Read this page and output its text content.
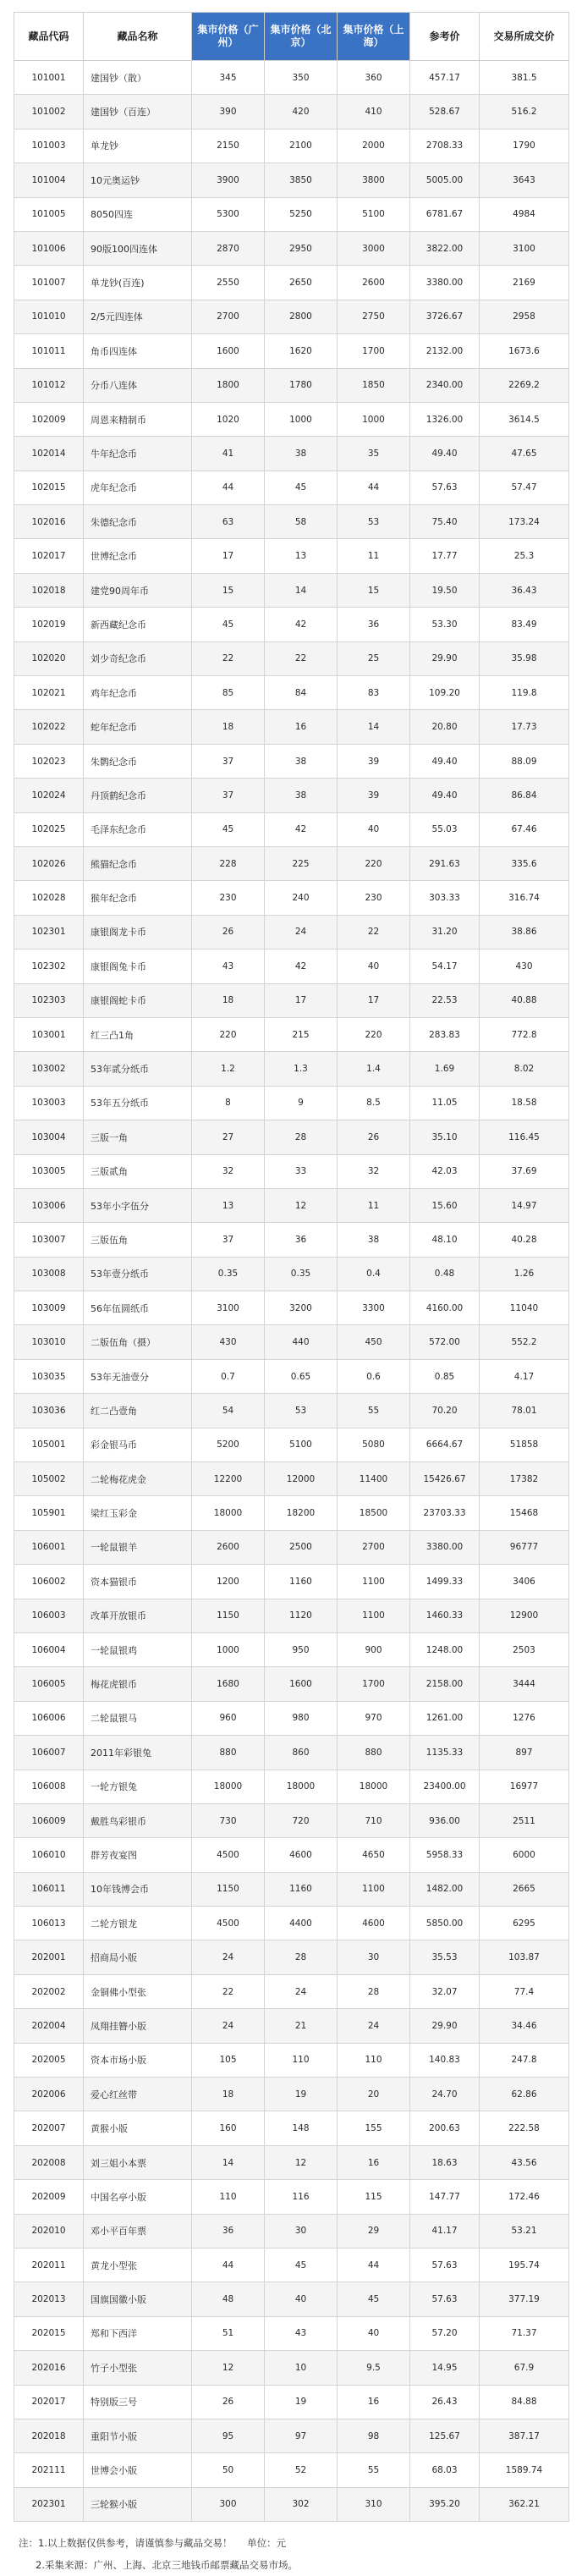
藏品代码	藏品名称	集市价格（广州）	集市价格（北京）	集市价格（上海）	参考价	交易所成交价
101001	建国钞（散）	345	350	360	457.17	381.5
101002	建国钞（百连）	390	420	410	528.67	516.2
101003	单龙钞	2150	2100	2000	2708.33	1790
101004	10元奥运钞	3900	3850	3800	5005.00	3643
101005	8050四连	5300	5250	5100	6781.67	4984
101006	90版100四连体	2870	2950	3000	3822.00	3100
101007	单龙钞(百连)	2550	2650	2600	3380.00	2169
101010	2/5元四连体	2700	2800	2750	3726.67	2958
101011	角币四连体	1600	1620	1700	2132.00	1673.6
101012	分币八连体	1800	1780	1850	2340.00	2269.2
102009	周恩来精制币	1020	1000	1000	1326.00	3614.5
102014	牛年纪念币	41	38	35	49.40	47.65
102015	虎年纪念币	44	45	44	57.63	57.47
102016	朱德纪念币	63	58	53	75.40	173.24
102017	世博纪念币	17	13	11	17.77	25.3
102018	建党90周年币	15	14	15	19.50	36.43
102019	新西藏纪念币	45	42	36	53.30	83.49
102020	刘少奇纪念币	22	22	25	29.90	35.98
102021	鸡年纪念币	85	84	83	109.20	119.8
102022	蛇年纪念币	18	16	14	20.80	17.73
102023	朱鹮纪念币	37	38	39	49.40	88.09
102024	丹顶鹤纪念币	37	38	39	49.40	86.84
102025	毛泽东纪念币	45	42	40	55.03	67.46
102026	熊猫纪念币	228	225	220	291.63	335.6
102028	猴年纪念币	230	240	230	303.33	316.74
102301	康银阁龙卡币	26	24	22	31.20	38.86
102302	康银阁兔卡币	43	42	40	54.17	430
102303	康银阁蛇卡币	18	17	17	22.53	40.88
103001	红三凸1角	220	215	220	283.83	772.8
103002	53年贰分纸币	1.2	1.3	1.4	1.69	8.02
103003	53年五分纸币	8	9	8.5	11.05	18.58
103004	三版一角	27	28	26	35.10	116.45
103005	三版贰角	32	33	32	42.03	37.69
103006	53年小字伍分	13	12	11	15.60	14.97
103007	三版伍角	37	36	38	48.10	40.28
103008	53年壹分纸币	0.35	0.35	0.4	0.48	1.26
103009	56年伍圆纸币	3100	3200	3300	4160.00	11040
103010	二版伍角（摄）	430	440	450	572.00	552.2
103035	53年无油壹分	0.7	0.65	0.6	0.85	4.17
103036	红二凸壹角	54	53	55	70.20	78.01
105001	彩金银马币	5200	5100	5080	6664.67	51858
105002	二轮梅花虎金	12200	12000	11400	15426.67	17382
105901	梁红玉彩金	18000	18200	18500	23703.33	15468
106001	一轮鼠银羊	2600	2500	2700	3380.00	96777
106002	资本猫银币	1200	1160	1100	1499.33	3406
106003	改革开放银币	1150	1120	1100	1460.33	12900
106004	一轮鼠银鸡	1000	950	900	1248.00	2503
106005	梅花虎银币	1680	1600	1700	2158.00	3444
106006	二轮鼠银马	960	980	970	1261.00	1276
106007	2011年彩银兔	880	860	880	1135.33	897
106008	一轮方银兔	18000	18000	18000	23400.00	16977
106009	戴胜鸟彩银币	730	720	710	936.00	2511
106010	群芳夜宴图	4500	4600	4650	5958.33	6000
106011	10年钱博会币	1150	1160	1100	1482.00	2665
106013	二轮方银龙	4500	4400	4600	5850.00	6295
202001	招商局小版	24	28	30	35.53	103.87
202002	金铜佛小型张	22	24	28	32.07	77.4
202004	凤翔挂簪小版	24	21	24	29.90	34.46
202005	资本市场小版	105	110	110	140.83	247.8
202006	爱心红丝带	18	19	20	24.70	62.86
202007	黄猴小版	160	148	155	200.63	222.58
202008	刘三姐小本票	14	12	16	18.63	43.56
202009	中国名亭小版	110	116	115	147.77	172.46
202010	邓小平百年票	36	30	29	41.17	53.21
202011	黄龙小型张	44	45	44	57.63	195.74
202013	国旗国徽小版	48	40	45	57.63	377.19
202015	郑和下西洋	51	43	40	57.20	71.37
202016	竹子小型张	12	10	9.5	14.95	67.9
202017	特别版三号	26	19	16	26.43	84.88
202018	重阳节小版	95	97	98	125.67	387.17
202111	世博会小版	50	52	55	68.03	1589.74
202301	三轮猴小版	300	302	310	395.20	362.21
注：1.以上数据仅供参考，请谨慎参与藏品交易！ 单位：元
2.采集来源：广州、上海、北京三地钱币邮票藏品交易市场。
